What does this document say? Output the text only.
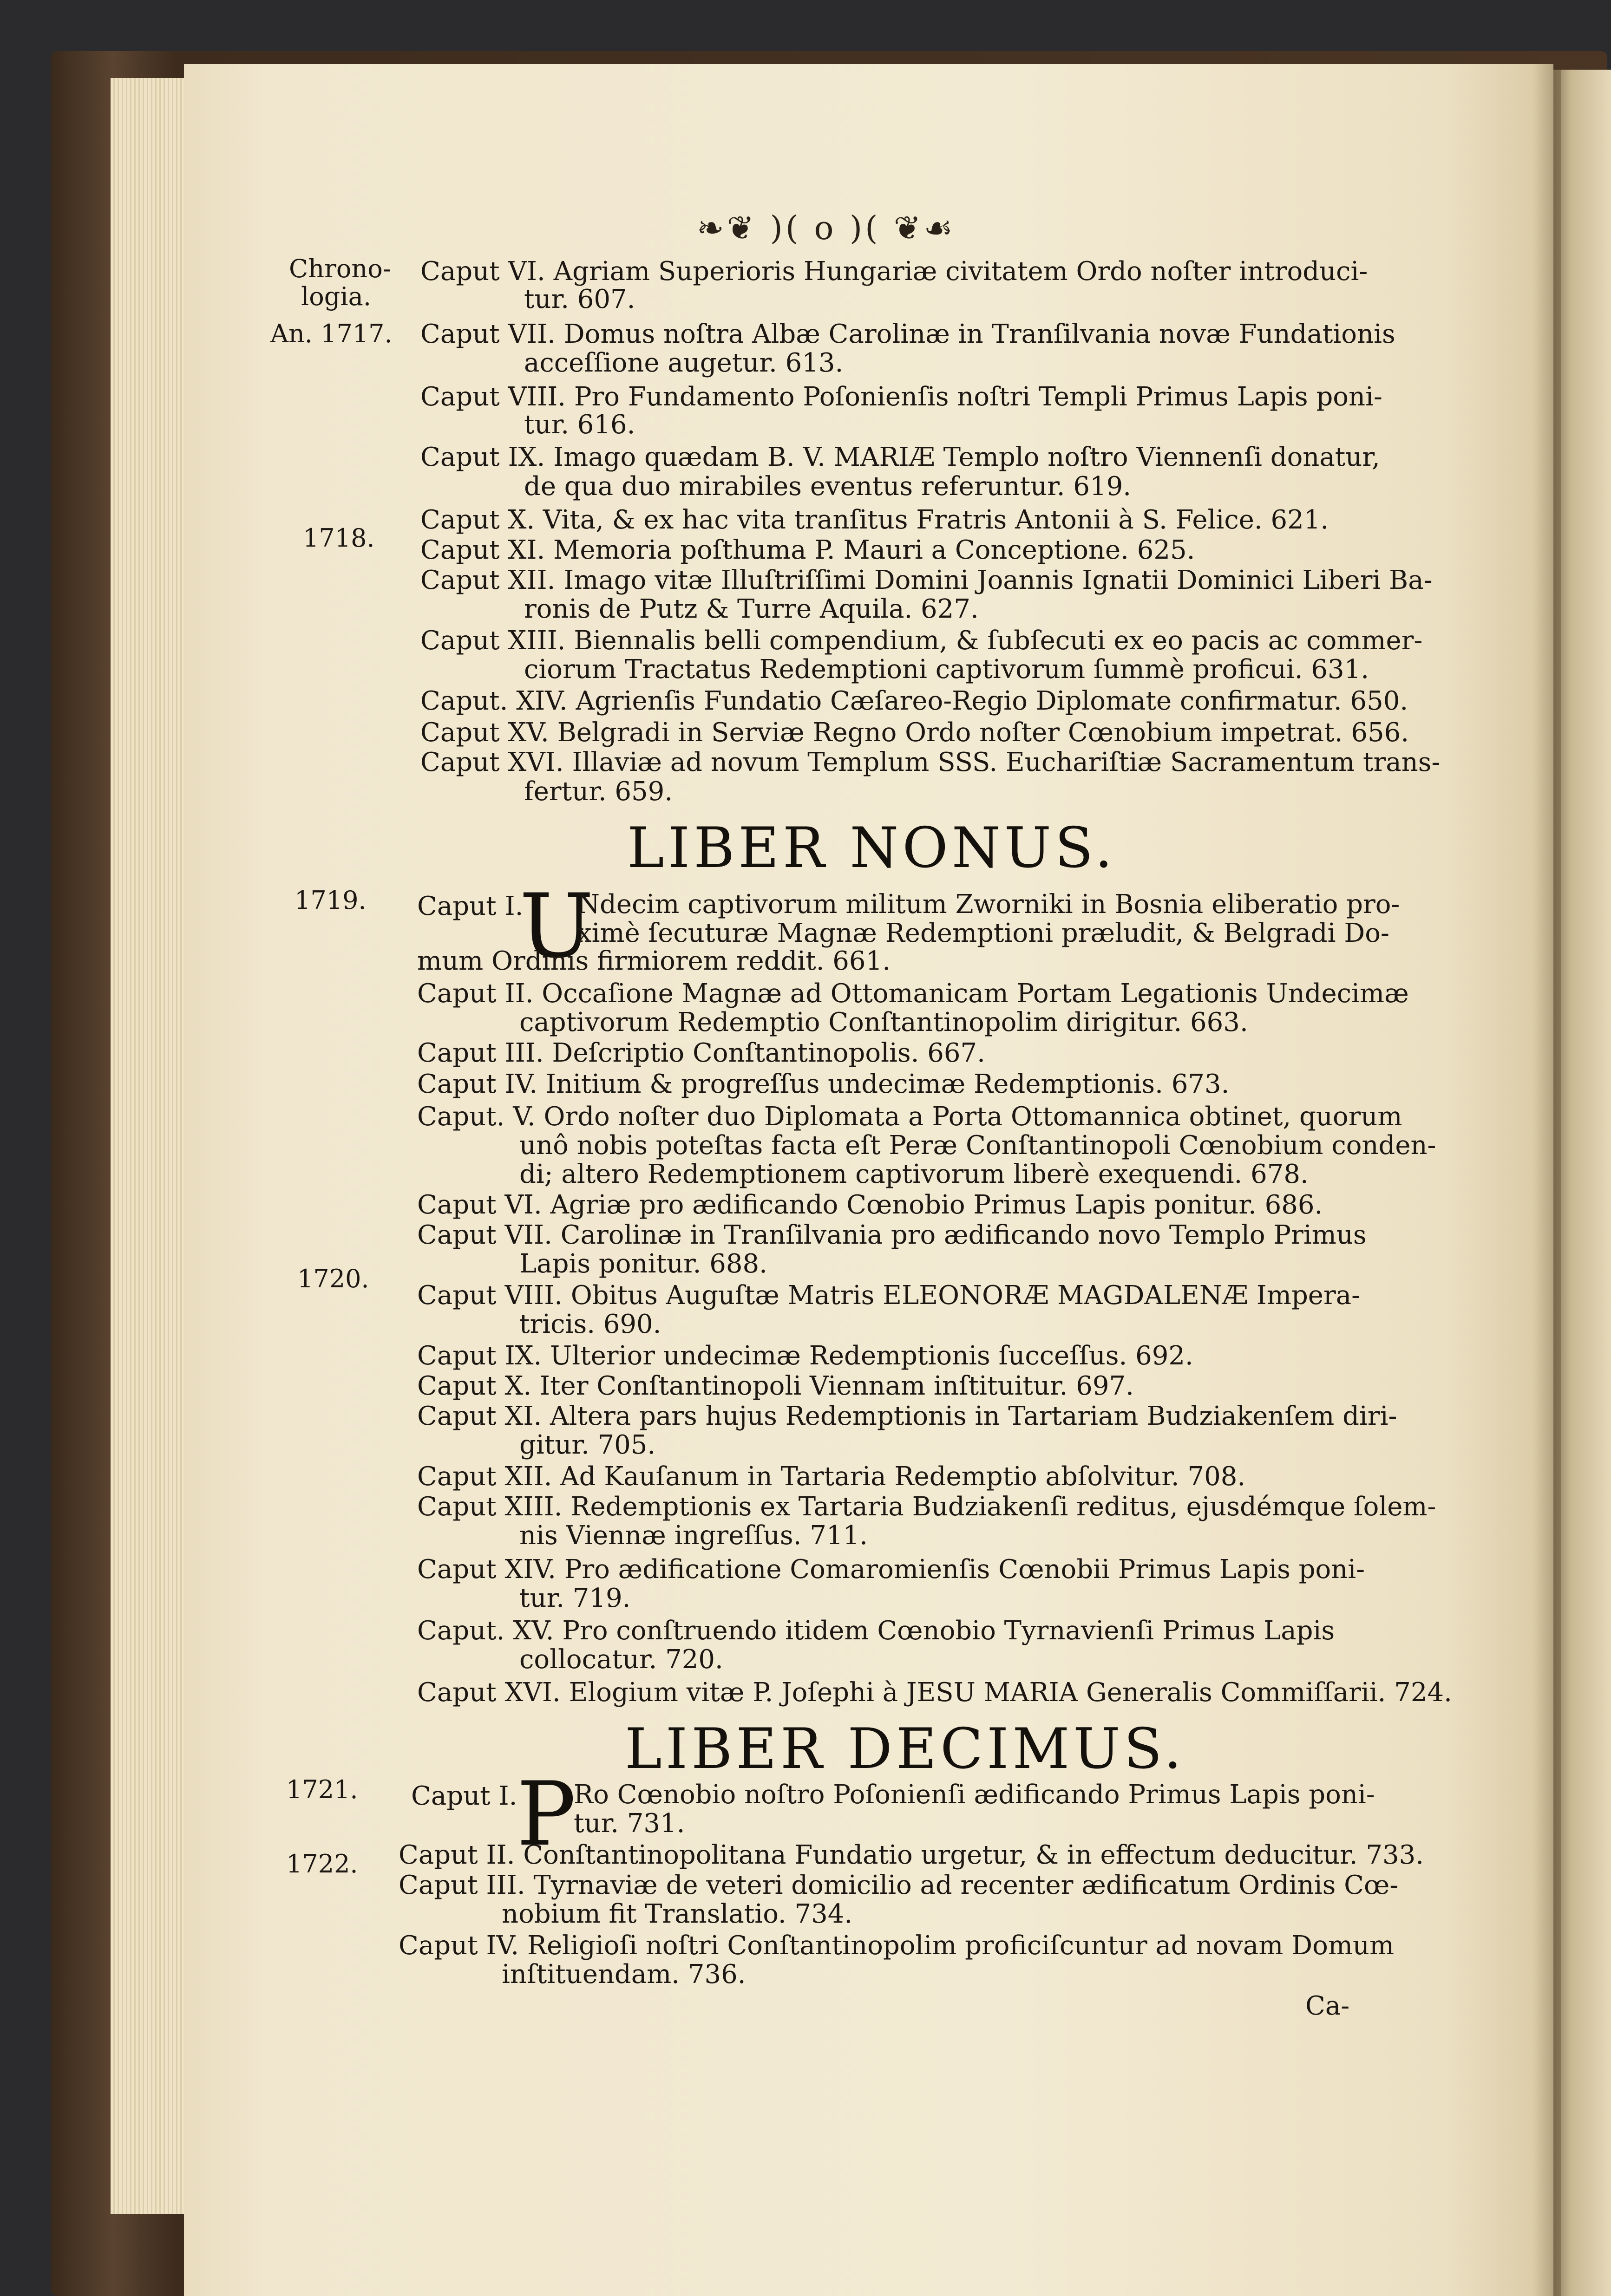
❧❦ )( o )( ❦☙
Chrono-
logia.
An. 1717.
1718.
1719.
1720.
1721.
1722.
Caput VI. Agriam Superioris Hungariæ civitatem Ordo noſter introduci-
tur. 607.
Caput VII. Domus noſtra Albæ Carolinæ in Tranſilvania novæ Fundationis
acceſſione augetur. 613.
Caput VIII. Pro Fundamento Poſonienſis noſtri Templi Primus Lapis poni-
tur. 616.
Caput IX. Imago quædam B. V. MARIÆ Templo noſtro Viennenſi donatur,
de qua duo mirabiles eventus referuntur. 619.
Caput X. Vita, & ex hac vita tranſitus Fratris Antonii à S. Felice. 621.
Caput XI. Memoria poſthuma P. Mauri a Conceptione. 625.
Caput XII. Imago vitæ Illuſtriſſimi Domini Joannis Ignatii Dominici Liberi Ba-
ronis de Putz & Turre Aquila. 627.
Caput XIII. Biennalis belli compendium, & ſubſecuti ex eo pacis ac commer-
ciorum Tractatus Redemptioni captivorum ſummè proficui. 631.
Caput. XIV. Agrienſis Fundatio Cæſareo-Regio Diplomate confirmatur. 650.
Caput XV. Belgradi in Serviæ Regno Ordo noſter Cœnobium impetrat. 656.
Caput XVI. Illaviæ ad novum Templum SSS. Euchariſtiæ Sacramentum trans-
fertur. 659.
LIBER NONUS.
Caput I.
U
Ndecim captivorum militum Zworniki in Bosnia eliberatio pro-
ximè ſecuturæ Magnæ Redemptioni præludit, & Belgradi Do-
mum Ordinis firmiorem reddit. 661.
Caput II. Occaſione Magnæ ad Ottomanicam Portam Legationis Undecimæ
captivorum Redemptio Conſtantinopolim dirigitur. 663.
Caput III. Deſcriptio Conſtantinopolis. 667.
Caput IV. Initium & progreſſus undecimæ Redemptionis. 673.
Caput. V. Ordo noſter duo Diplomata a Porta Ottomannica obtinet, quorum
unô nobis poteſtas facta eſt Peræ Conſtantinopoli Cœnobium conden-
di; altero Redemptionem captivorum liberè exequendi. 678.
Caput VI. Agriæ pro ædificando Cœnobio Primus Lapis ponitur. 686.
Caput VII. Carolinæ in Tranſilvania pro ædificando novo Templo Primus
Lapis ponitur. 688.
Caput VIII. Obitus Auguſtæ Matris ELEONORÆ MAGDALENÆ Impera-
tricis. 690.
Caput IX. Ulterior undecimæ Redemptionis ſucceſſus. 692.
Caput X. Iter Conſtantinopoli Viennam inſtituitur. 697.
Caput XI. Altera pars hujus Redemptionis in Tartariam Budziakenſem diri-
gitur. 705.
Caput XII. Ad Kauſanum in Tartaria Redemptio abſolvitur. 708.
Caput XIII. Redemptionis ex Tartaria Budziakenſi reditus, ejusdémque ſolem-
nis Viennæ ingreſſus. 711.
Caput XIV. Pro ædificatione Comaromienſis Cœnobii Primus Lapis poni-
tur. 719.
Caput. XV. Pro conſtruendo itidem Cœnobio Tyrnavienſi Primus Lapis
collocatur. 720.
Caput XVI. Elogium vitæ P. Joſephi à JESU MARIA Generalis Commiſſarii. 724.
LIBER DECIMUS.
Caput I.
P
Ro Cœnobio noſtro Poſonienſi ædificando Primus Lapis poni-
tur. 731.
Caput II. Conſtantinopolitana Fundatio urgetur, & in effectum deducitur. 733.
Caput III. Tyrnaviæ de veteri domicilio ad recenter ædificatum Ordinis Cœ-
nobium fit Translatio. 734.
Caput IV. Religioſi noſtri Conſtantinopolim proficiſcuntur ad novam Domum
inſtituendam. 736.
Ca-
